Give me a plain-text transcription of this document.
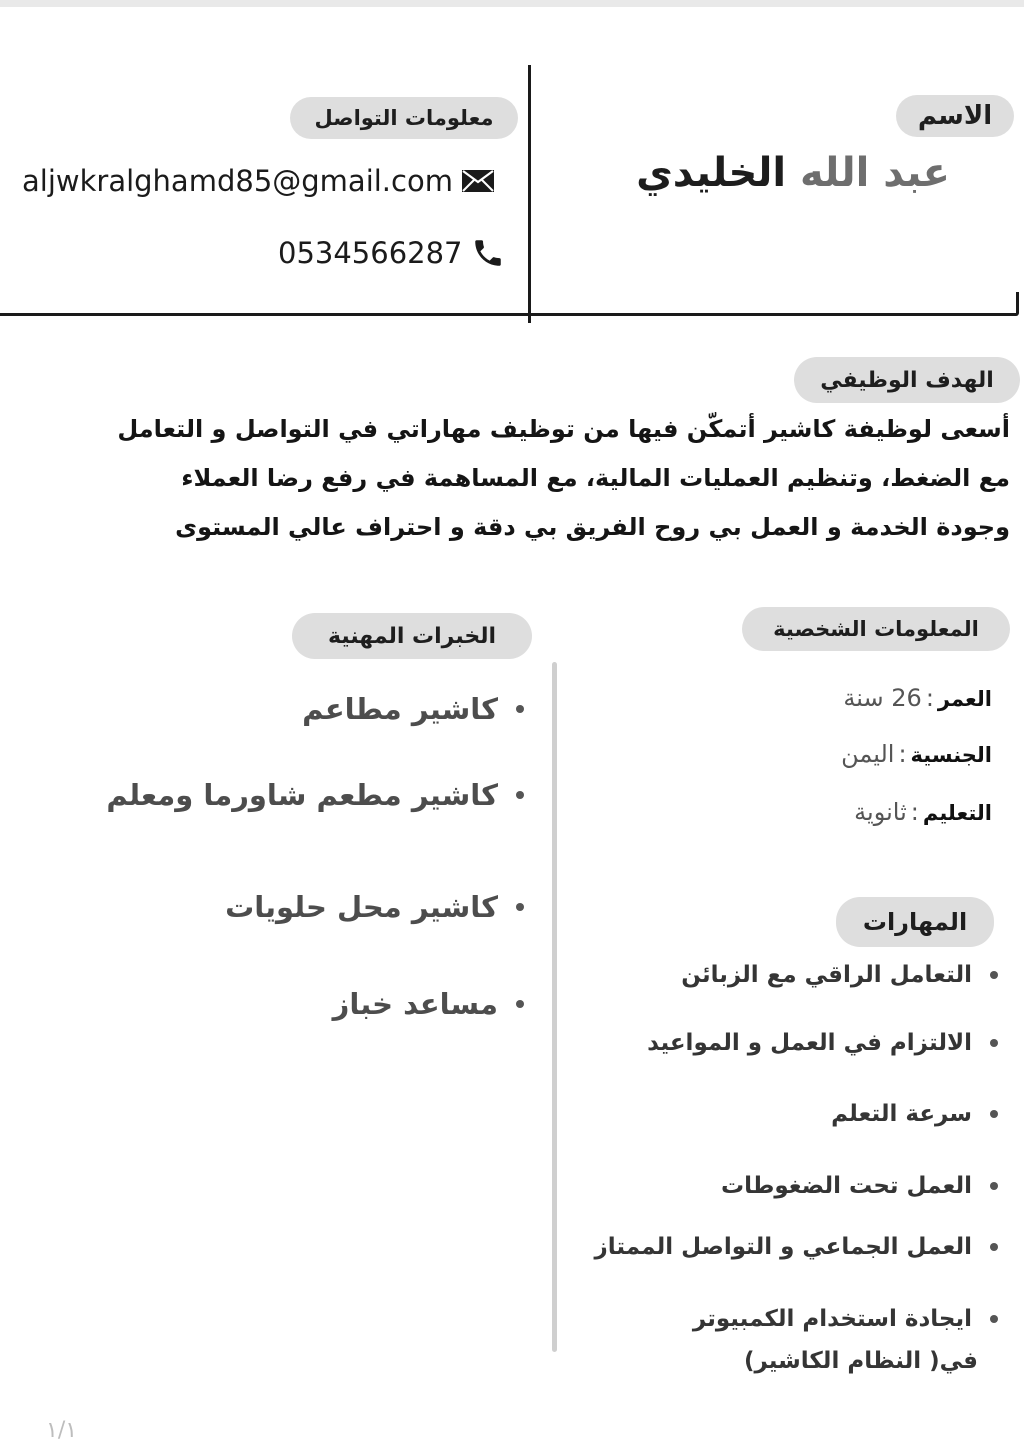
الاسم
عبد الله الخليدي
معلومات التواصل
aljwkralghamd85@gmail.com
0534566287
الهدف الوظيفي
أسعى لوظيفة كاشير أتمكّن فيها من توظيف مهاراتي في التواصل و التعامل
مع الضغط، وتنظيم العمليات المالية، مع المساهمة في رفع رضا العملاء
وجودة الخدمة و العمل بي روح الفريق بي دقة و احتراف عالي المستوى
المعلومات الشخصية
العمر:26 سنة
الجنسية:اليمن
التعليم:ثانوية
الخبرات المهنية
كاشير مطاعم
كاشير مطعم شاورما ومعلم
كاشير محل حلويات
مساعد خباز
المهارات
التعامل الراقي مع الزبائن
الالتزام في العمل و المواعيد
سرعة التعلم
العمل تحت الضغوطات
العمل الجماعي و التواصل الممتاز
ايجادة استخدام الكمبيوتر
في( النظام الكاشير)
١/١
